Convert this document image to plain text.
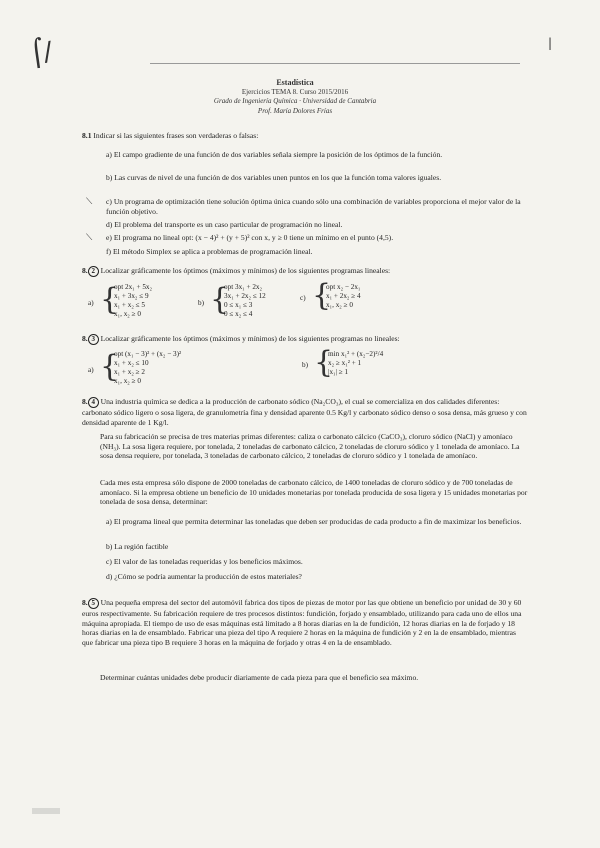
⌠/	|
Estadística
Ejercicios TEMA 8. Curso 2015/2016
Grado de Ingeniería Química · Universidad de Cantabria
Prof. María Dolores Frías
8.1 Indicar si las siguientes frases son verdaderas o falsas:
a) El campo gradiente de una función de dos variables señala siempre la posición de los óptimos de la función.
b) Las curvas de nivel de una función de dos variables unen puntos en los que la función toma valores iguales.
c) Un programa de optimización tiene solución óptima única cuando sólo una combinación de variables proporciona el mejor valor de la función objetivo.
d) El problema del transporte es un caso particular de programación no lineal.
e) El programa no lineal opt: (x − 4)² + (y + 5)² con x, y ≥ 0 tiene un mínimo en el punto (4,5).
f) El método Simplex se aplica a problemas de programación lineal.
⟍
⟍
8. 2 Localizar gráficamente los óptimos (máximos y mínimos) de los siguientes programas lineales:
a) {
opt 2x₁ + 5x₂
x₁ + 3x₂ ≤ 9
x₁ + x₂ ≤ 5
x₁, x₂ ≥ 0
b) {
opt 3x₁ + 2x₂
3x₁ + 2x₂ ≤ 12
0 ≤ x₁ ≤ 3
0 ≤ x₂ ≤ 4
c) {
opt x₂ − 2x₁
x₁ + 2x₂ ≥ 4
x₁, x₂ ≥ 0
8. 3 Localizar gráficamente los óptimos (máximos y mínimos) de los siguientes programas no lineales:
a) {
opt (x₁ − 3)² + (x₂ − 3)²
x₁ + x₂ ≤ 10
x₁ + x₂ ≥ 2
x₁, x₂ ≥ 0
b) {
min x₁² + (x₂−2)²/4
x₂ ≥ x₁² + 1
|x₁| ≥ 1
8. 4 Una industria química se dedica a la producción de carbonato sódico (Na₂CO₃), el cual se comercializa en dos calidades diferentes: carbonato sódico ligero o sosa ligera, de granulometría fina y densidad aparente 0.5 Kg/l y carbonato sódico denso o sosa densa, más grueso y con densidad aparente de 1 Kg/l.
Para su fabricación se precisa de tres materias primas diferentes: caliza o carbonato cálcico (CaCO₃), cloruro sódico (NaCl) y amoníaco (NH₃). La sosa ligera requiere, por tonelada, 2 toneladas de carbonato cálcico, 2 toneladas de cloruro sódico y 1 tonelada de amoníaco. La sosa densa requiere, por tonelada, 3 toneladas de carbonato cálcico, 2 toneladas de cloruro sódico y 1 tonelada de amoníaco.
Cada mes esta empresa sólo dispone de 2000 toneladas de carbonato cálcico, de 1400 toneladas de cloruro sódico y de 700 toneladas de amoníaco. Si la empresa obtiene un beneficio de 10 unidades monetarias por tonelada producida de sosa ligera y 15 unidades monetarias por tonelada de sosa densa, determinar:
a) El programa lineal que permita determinar las toneladas que deben ser producidas de cada producto a fin de maximizar los beneficios.
b) La región factible
c) El valor de las toneladas requeridas y los beneficios máximos.
d) ¿Cómo se podría aumentar la producción de estos materiales?
8. 5 Una pequeña empresa del sector del automóvil fabrica dos tipos de piezas de motor por las que obtiene un beneficio por unidad de 30 y 60 euros respectivamente. Su fabricación requiere de tres procesos distintos: fundición, forjado y ensamblado, utilizando para cada uno de ellos una máquina apropiada. El tiempo de uso de esas máquinas está limitado a 8 horas diarias en la de fundición, 12 horas diarias en la de forjado y 18 horas diarias en la de ensamblado. Fabricar una pieza del tipo A requiere 2 horas en la máquina de fundición y 2 en la de ensamblado, mientras que fabricar una pieza tipo B requiere 3 horas en la máquina de forjado y otras 4 en la de ensamblado.
Determinar cuántas unidades debe producir diariamente de cada pieza para que el beneficio sea máximo.
